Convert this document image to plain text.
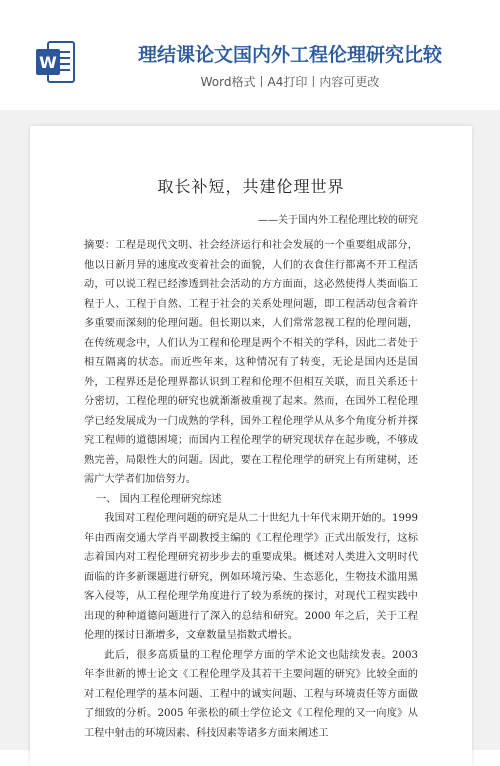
W	理结课论文国内外工程伦理研究比较
Word格式丨A4打印丨内容可更改
取长补短，共建伦理世界
——关于国内外工程伦理比较的研究

摘要：工程是现代文明、社会经济运行和社会发展的一个重要组成部分，他以日新月异的速度改变着社会的面貌，人们的衣食住行都离不开工程活动，可以说工程已经渗透到社会活动的方方面面，这必然使得人类面临工程于人、工程于自然、工程于社会的关系处理问题，即工程活动包含着许多重要而深刻的伦理问题。但长期以来，人们常常忽视工程的伦理问题，在传统观念中，人们认为工程和伦理是两个不相关的学科，因此二者处于相互隔离的状态。而近些年来，这种情况有了转变，无论是国内还是国外，工程界还是伦理界都认识到工程和伦理不但相互关联，而且关系还十分密切，工程伦理的研究也就渐渐被重视了起来。然而，在国外工程伦理学已经发展成为一门成熟的学科，国外工程伦理学从从多个角度分析并探究工程师的道德困境；而国内工程伦理学的研究现状存在起步晚，不够成熟完善，局限性大的问题。因此，要在工程伦理学的研究上有所建树，还需广大学者们加倍努力。

一、 国内工程伦理研究综述

我国对工程伦理问题的研究是从二十世纪九十年代末期开始的。1999 年由西南交通大学肖平副教授主编的《工程伦理学》正式出版发行，这标志着国内对工程伦理研究初步步去的重要成果。概述对人类进入文明时代面临的许多新课题进行研究，例如环境污染、生态恶化，生物技术滥用黑客入侵等，从工程伦理学角度进行了较为系统的探讨，对现代工程实践中出现的种种道德问题进行了深入的总结和研究。2000 年之后，关于工程伦理的探讨日渐增多，文章数量呈指数式增长。

此后，很多高质量的工程伦理学方面的学术论文也陆续发表。2003 年李世新的博士论文《工程伦理学及其若干主要问题的研究》比较全面的对工程伦理学的基本问题、工程中的诚实问题、工程与环境责任等方面做了细致的分析。2005 年张松的硕士学位论文《工程伦理的又一向度》从工程中射击的环境因素、科技因素等诸多方面来阐述工
